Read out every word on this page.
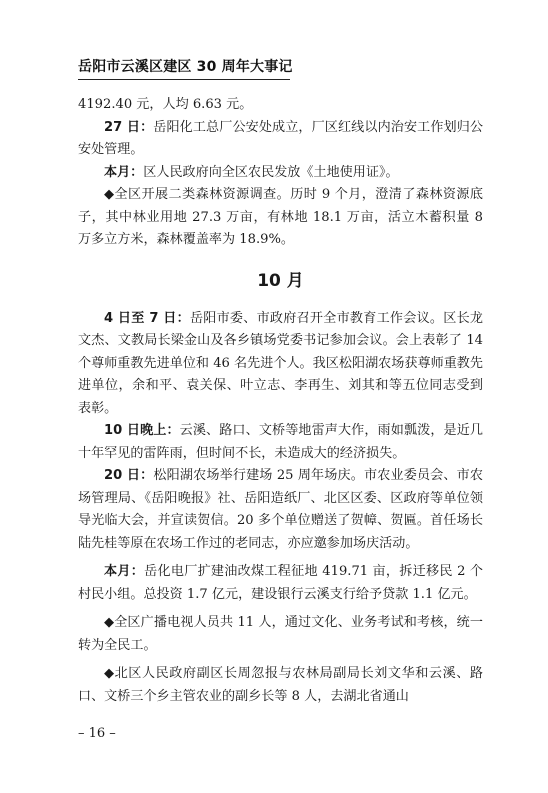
岳阳市云溪区建区 30 周年大事记

4192.40 元，人均 6.63 元。

27 日：岳阳化工总厂公安处成立，厂区红线以内治安工作划归公安处管理。

本月：区人民政府向全区农民发放《土地使用证》。

◆全区开展二类森林资源调查。历时 9 个月，澄清了森林资源底子，其中林业用地 27.3 万亩，有林地 18.1 万亩，活立木蓄积量 8 万多立方米，森林覆盖率为 18.9%。

10 月

4 日至 7 日：岳阳市委、市政府召开全市教育工作会议。区长龙文杰、文教局长梁金山及各乡镇场党委书记参加会议。会上表彰了 14 个尊师重教先进单位和 46 名先进个人。我区松阳湖农场获尊师重教先进单位，余和平、袁关保、叶立志、李再生、刘其和等五位同志受到表彰。

10 日晚上：云溪、路口、文桥等地雷声大作，雨如瓢泼，是近几十年罕见的雷阵雨，但时间不长，未造成大的经济损失。

20 日：松阳湖农场举行建场 25 周年场庆。市农业委员会、市农场管理局、《岳阳晚报》社、岳阳造纸厂、北区区委、区政府等单位领导光临大会，并宣读贺信。20 多个单位赠送了贺幛、贺匾。首任场长陆先桂等原在农场工作过的老同志，亦应邀参加场庆活动。

本月：岳化电厂扩建油改煤工程征地 419.71 亩，拆迁移民 2 个村民小组。总投资 1.7 亿元，建设银行云溪支行给予贷款 1.1 亿元。

◆全区广播电视人员共 11 人，通过文化、业务考试和考核，统一转为全民工。

◆北区人民政府副区长周忽报与农林局副局长刘文华和云溪、路口、文桥三个乡主管农业的副乡长等 8 人，去湖北省通山

– 16 –
